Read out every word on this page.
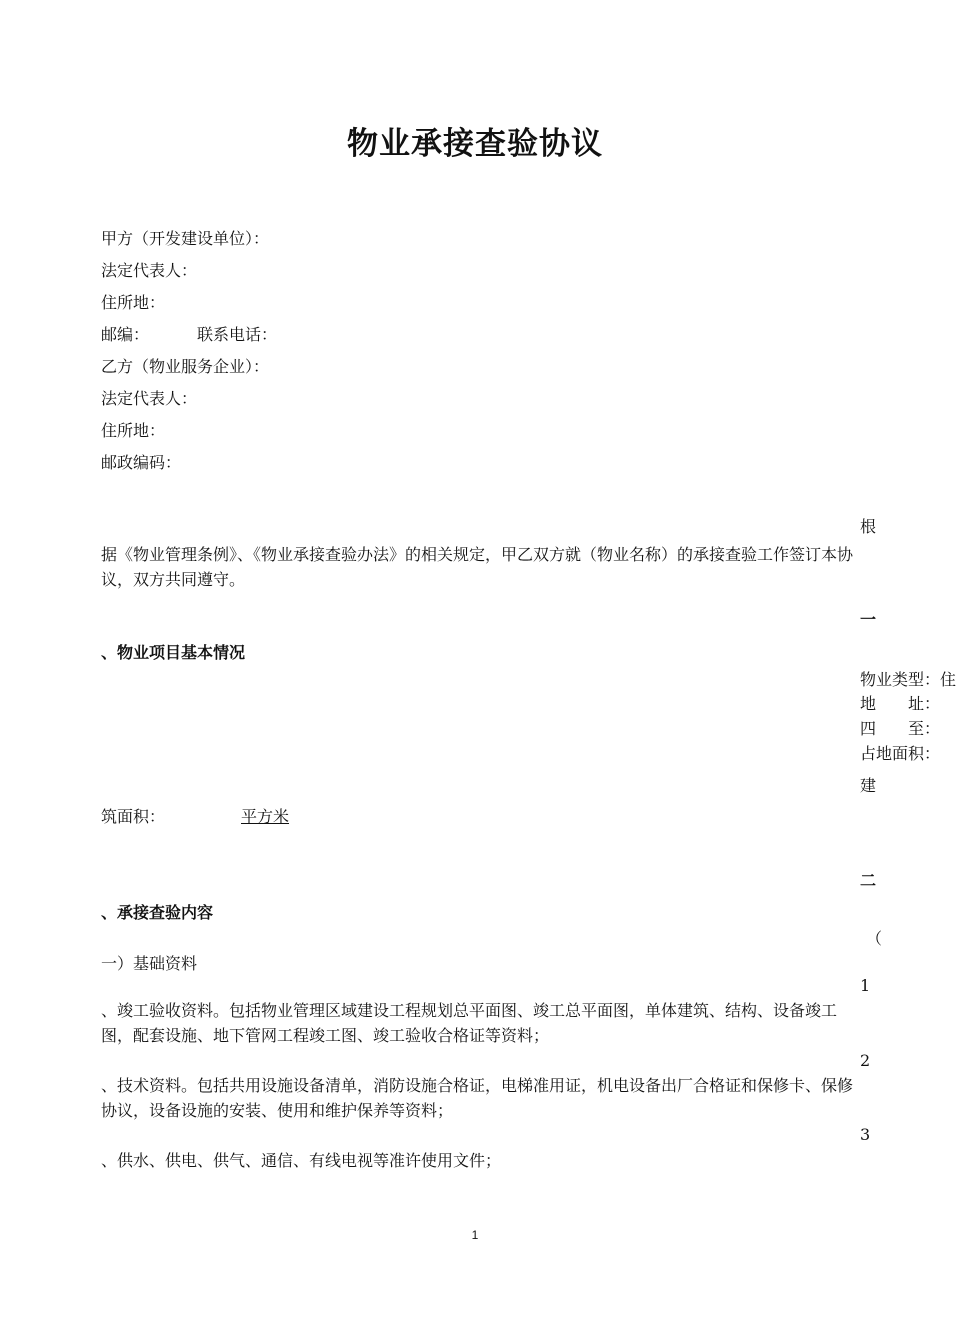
物业承接查验协议
甲方（开发建设单位）：
法定代表人：
住所地：
邮编：	联系电话：
乙方（物业服务企业）：
法定代表人：
住所地：
邮政编码：
根
据《物业管理条例》、《物业承接查验办法》的相关规定，甲乙双方就（物业名称）的承接查验工作签订本协议，双方共同遵守。
一
、物业项目基本情况
物业类型：住
地　　址：
四　　至：
占地面积：
建
筑面积：	平方米
二
、承接查验内容
（
一）基础资料
1
、竣工验收资料。包括物业管理区域建设工程规划总平面图、竣工总平面图，单体建筑、结构、设备竣工图，配套设施、地下管网工程竣工图、竣工验收合格证等资料；
2
、技术资料。包括共用设施设备清单，消防设施合格证，电梯准用证，机电设备出厂合格证和保修卡、保修协议，设备设施的安装、使用和维护保养等资料；
3
、供水、供电、供气、通信、有线电视等准许使用文件；
1
